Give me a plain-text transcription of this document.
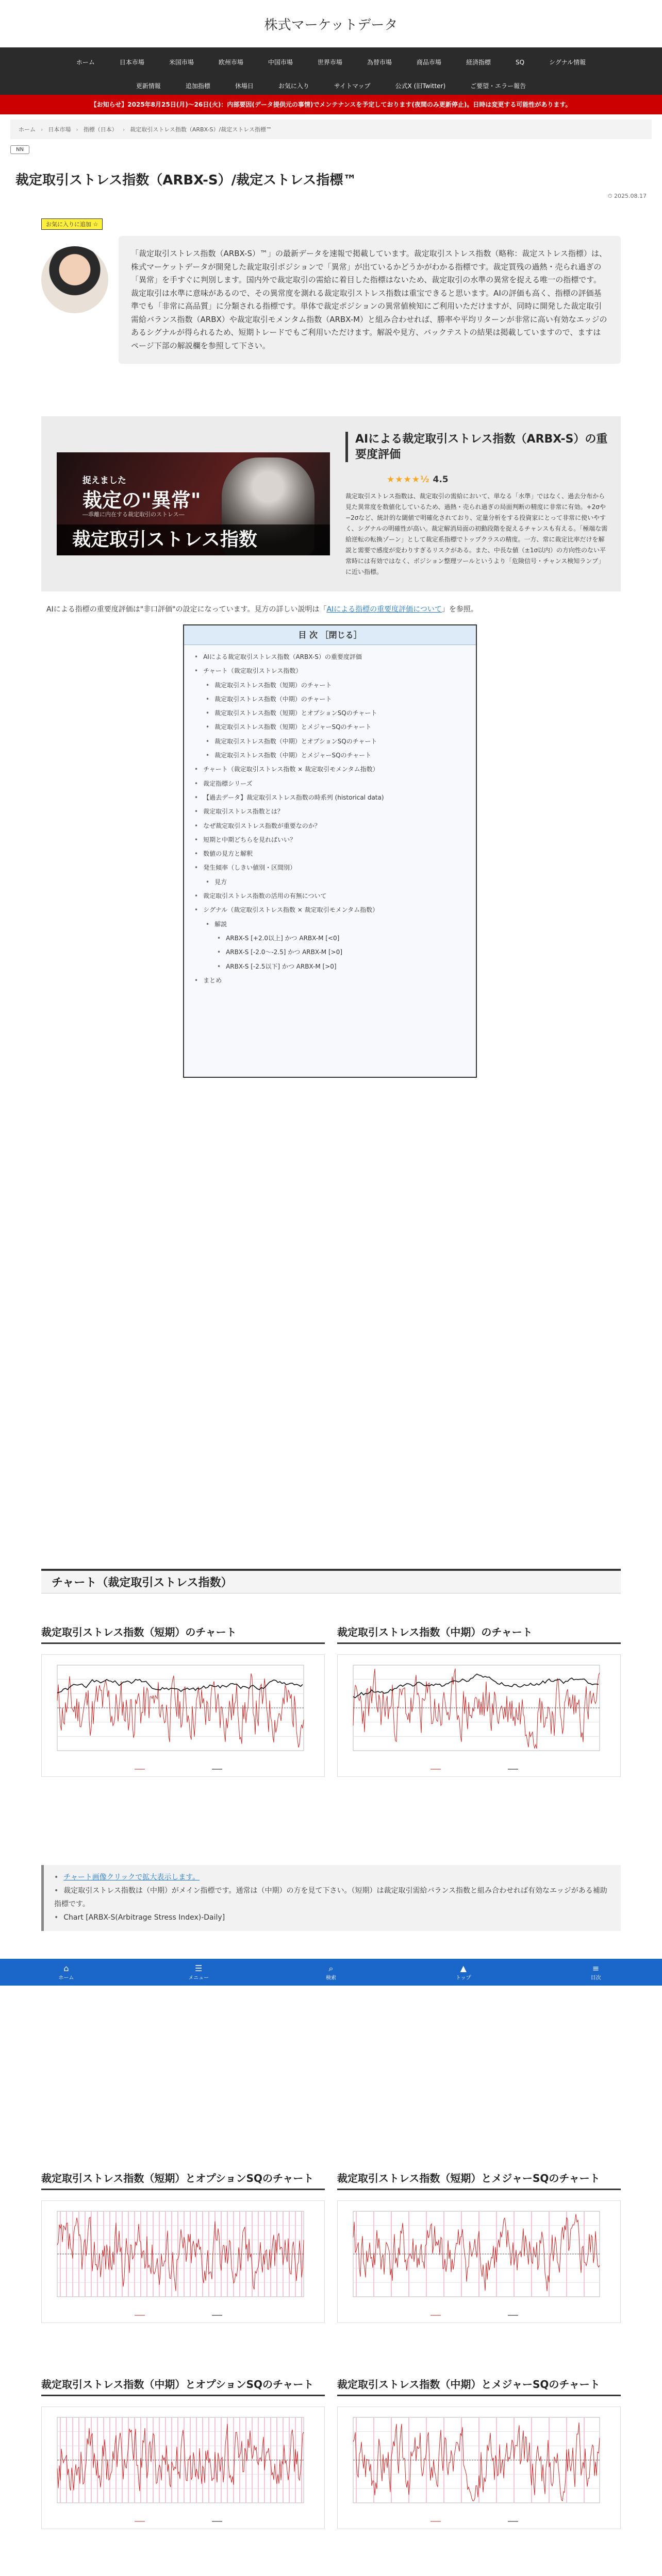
株式マーケットデータ
ホーム	日本市場	米国市場	欧州市場	中国市場	世界市場	為替市場	商品市場	経済指標	SQ	シグナル情報
更新情報	追加指標	休場日	お気に入り	サイトマップ	公式X (旧Twitter)	ご要望・エラー報告
【お知らせ】2025年8月25日(月)〜26日(火)：内部要因(データ提供元の事情)でメンテナンスを予定しております(夜間のみ更新停止)。日時は変更する可能性があります。
ホーム › 日本市場 › 指標（日本） › 裁定取引ストレス指数（ARBX-S）/裁定ストレス指標™
NN
裁定取引ストレス指数（ARBX-S）/裁定ストレス指標™
⏱ 2025.08.17
お気に入りに追加 ☆
「裁定取引ストレス指数（ARBX-S）™」の最新データを速報で掲載しています。裁定取引ストレス指数（略称：裁定ストレス指標）は、株式マーケットデータが開発した裁定取引ポジションで「異常」が出ているかどうかがわかる指標です。裁定買残の過熱・売られ過ぎの「異常」を手すぐに判別します。国内外で裁定取引の需給に着目した指標はないため、裁定取引の水準の異常を捉える唯一の指標です。裁定取引は水準に意味があるので、その異常度を測れる裁定取引ストレス指数は重宝できると思います。AIの評価も高く、指標の評価基準でも「非常に高品質」に分類される指標です。単体で裁定ポジションの異常値検知にご利用いただけますが、同時に開発した裁定取引需給バランス指数（ARBX）や裁定取引モメンタム指数（ARBX-M）と組み合わせれば、勝率や平均リターンが非常に高い有効なエッジのあるシグナルが得られるため、短期トレードでもご利用いただけます。解説や見方、バックテストの結果は掲載していますので、ますはページ下部の解説欄を参照して下さい。
捉えました
裁定の"異常"
―乖離に内在する裁定取引のストレス―
裁定取引ストレス指数
AIによる裁定取引ストレス指数（ARBX-S）の重要度評価
★★★★½ 4.5
裁定取引ストレス指数は、裁定取引の需給において、単なる「水準」ではなく、過去分布から見た異常度を数値化しているため、過熱・売られ過ぎの局面判断の精度に非常に有効。+2σや−2σなど、統計的な閾値で明確化されており、定量分析をする投資家にとって非常に使いやすく、シグナルの明確性が高い。裁定解消局面の初動段階を捉えるチャンスも有える。「極端な需給逆転の転換ゾーン」として裁定系指標でトップクラスの精度。一方、常に裁定比率だけを解説と需要で感度が変わりすぎるリスクがある。また、中長な値（±1σ以内）の方向性のない平常時には有効ではなく、ボジション整理ツールというより「危険信号・チャンス検知ランプ」に近い指標。

AIによる指標の重要度評価は"非口評価"の設定になっています。見方の詳しい説明は「AIによる指標の重要度評価について」を参照。

目 次 ［閉じる］
• AIによる裁定取引ストレス指数（ARBX-S）の重要度評価
• チャート（裁定取引ストレス指数）
• 裁定取引ストレス指数（短期）のチャート
• 裁定取引ストレス指数（中期）のチャート
• 裁定取引ストレス指数（短期）とオプションSQのチャート
• 裁定取引ストレス指数（短期）とメジャーSQのチャート
• 裁定取引ストレス指数（中期）とオプションSQのチャート
• 裁定取引ストレス指数（中期）とメジャーSQのチャート
• チャート（裁定取引ストレス指数 × 裁定取引モメンタム指数）
• 裁定指標シリーズ
• 【過去データ】裁定取引ストレス指数の時系列 (historical data)
• 裁定取引ストレス指数とは？
• なぜ裁定取引ストレス指数が重要なのか？
• 短期と中期どちらを見ればいい？
• 数値の見方と解釈
• 発生傾率（しきい値別・区間別）
• 見方
• 裁定取引ストレス指数の活用の有無について
• シグナル（裁定取引ストレス指数 × 裁定取引モメンタム指数）
• 解説
• ARBX-S [+2.0以上] かつ ARBX-M [<0]
• ARBX-S [-2.0〜-2.5] かつ ARBX-M [>0]
• ARBX-S [-2.5以下] かつ ARBX-M [>0]
• まとめ
チャート（裁定取引ストレス指数）
裁定取引ストレス指数（短期）のチャート	裁定取引ストレス指数（中期）のチャート
• チャート画像クリックで拡大表示します。
• 裁定取引ストレス指数は（中期）がメイン指標です。通常は（中期）の方を見て下さい。（短期）は裁定取引需給バランス指数と組み合わせれば有効なエッジがある補助指標です。
• Chart [ARBX-S(Arbitrage Stress Index)-Daily]
⌂
ホーム
☰
メニュー
⌕
検索
▲
トップ
≡
目次
裁定取引ストレス指数（短期）とオプションSQのチャート	裁定取引ストレス指数（短期）とメジャーSQのチャート
裁定取引ストレス指数（中期）とオプションSQのチャート	裁定取引ストレス指数（中期）とメジャーSQのチャート
